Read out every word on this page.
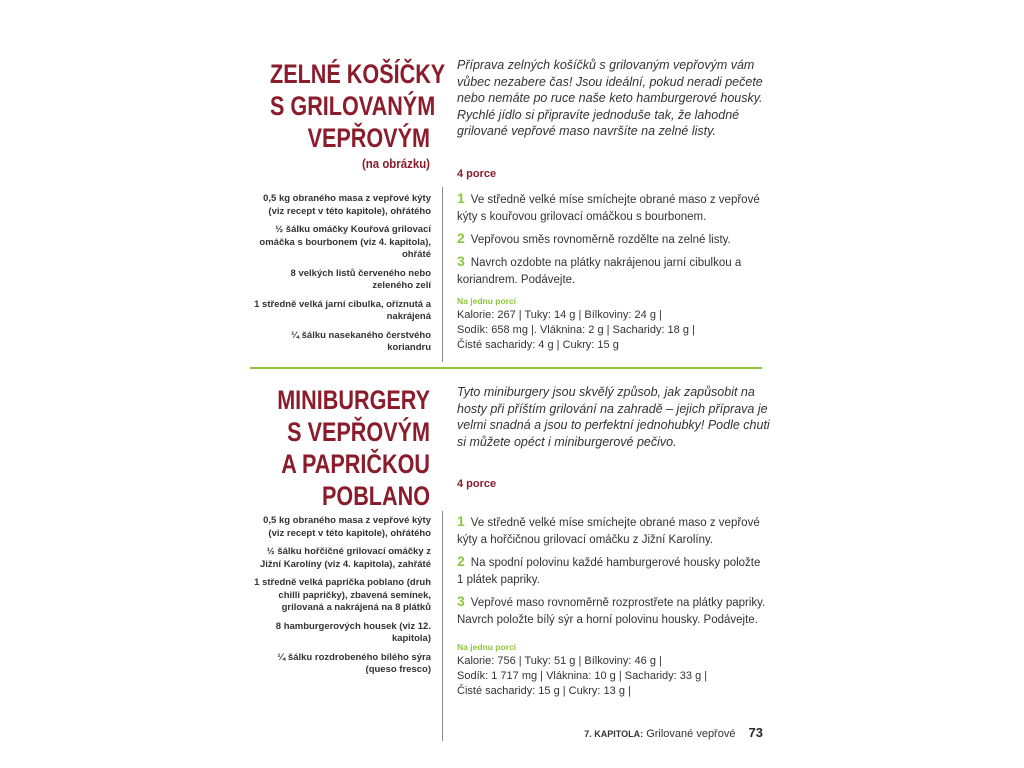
ZELNÉ KOŠÍČKY
S GRILOVANÝM
VEPŘOVÝM
(na obrázku)

Příprava zelných košíčků s grilovaným vepřovým vám vůbec nezabere čas! Jsou ideální, pokud neradi pečete nebo nemáte po ruce naše keto hamburgerové housky. Rychlé jídlo si připravíte jednoduše tak, že lahodné grilované vepřové maso navršíte na zelné listy.

4 porce

0,5 kg obraného masa z vepřové kýty (viz recept v této kapitole), ohřátého
½ šálku omáčky Kouřová grilovací omáčka s bourbonem (viz 4. kapitola), ohřáté
8 velkých listů červeného nebo zeleného zelí
1 středně velká jarní cibulka, oříznutá a nakrájená
¼ šálku nasekaného čerstvého koriandru
1 Ve středně velké míse smíchejte obrané maso z vepřové kýty s kouřovou grilovací omáčkou s bourbonem.
2 Vepřovou směs rovnoměrně rozdělte na zelné listy.
3 Navrch ozdobte na plátky nakrájenou jarní cibulkou a koriandrem. Podávejte.

Na jednu porci

Kalorie: 267 | Tuky: 14 g | Bílkoviny: 24 g |
Sodík: 658 mg |. Vláknina: 2 g | Sacharidy: 18 g |
Čisté sacharidy: 4 g | Cukry: 15 g
MINIBURGERY
S VEPŘOVÝM
A PAPRIČKOU
POBLANO

Tyto miniburgery jsou skvělý způsob, jak zapůsobit na hosty při příštím grilování na zahradě – jejich příprava je velmi snadná a jsou to perfektní jednohubky! Podle chuti si můžete opéct i miniburgerové pečivo.

4 porce

0,5 kg obraného masa z vepřové kýty (viz recept v této kapitole), ohřátého
½ šálku hořčičné grilovací omáčky z Jižní Karolíny (viz 4. kapitola), zahřáté
1 středně velká paprička poblano (druh chilli papričky), zbavená semínek, grilovaná a nakrájená na 8 plátků
8 hamburgerových housek (viz 12. kapitola)
¼ šálku rozdrobeného bílého sýra (queso fresco)
1 Ve středně velké míse smíchejte obrané maso z vepřové kýty a hořčičnou grilovací omáčku z Jižní Karolíny.
2 Na spodní polovinu každé hamburgerové housky položte 1 plátek papriky.
3 Vepřové maso rovnoměrně rozprostřete na plátky papriky. Navrch položte bílý sýr a horní polovinu housky. Podávejte.

Na jednu porci

Kalorie: 756 | Tuky: 51 g | Bílkoviny: 46 g |
Sodík: 1 717 mg | Vláknina: 10 g | Sacharidy: 33 g |
Čisté sacharidy: 15 g | Cukry: 13 g |
7. KAPITOLA: Grilované vepřové 73
